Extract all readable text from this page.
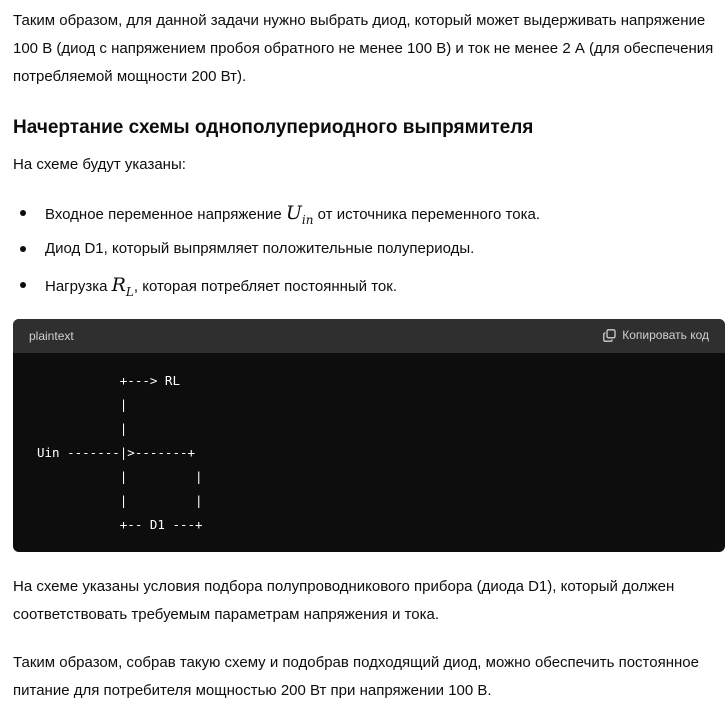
Таким образом, для данной задачи нужно выбрать диод, который может выдерживать напряжение 100 В (диод с напряжением пробоя обратного не менее 100 В) и ток не менее 2 А (для обеспечения потребляемой мощности 200 Вт).

Начертание схемы однополупериодного выпрямителя

На схеме будут указаны:

Входное переменное напряжение $U_{in}$ от источника переменного тока.
Диод D1, который выпрямляет положительные полупериоды.
Нагрузка $R_L$, которая потребляет постоянный ток.
plaintext	Копировать код
+---> RL
|
|
Uin -------|>-------+
|         |
|         |
+-- D1 ---+

На схеме указаны условия подбора полупроводникового прибора (диода D1), который должен соответствовать требуемым параметрам напряжения и тока.

Таким образом, собрав такую схему и подобрав подходящий диод, можно обеспечить постоянное питание для потребителя мощностью 200 Вт при напряжении 100 В.
